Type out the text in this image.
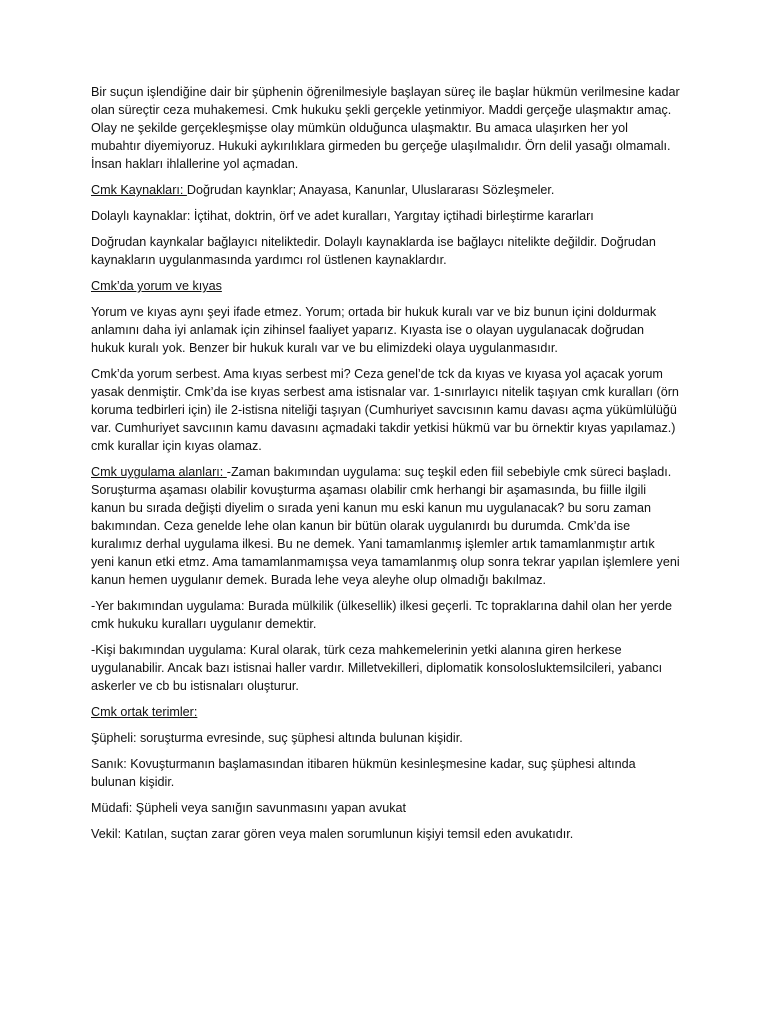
Bir suçun işlendiğine dair bir şüphenin öğrenilmesiyle başlayan süreç ile başlar hükmün verilmesine kadar olan süreçtir ceza muhakemesi. Cmk hukuku şekli gerçekle yetinmiyor. Maddi gerçeğe ulaşmaktır amaç. Olay ne şekilde gerçekleşmişse olay mümkün olduğunca ulaşmaktır. Bu amaca ulaşırken her yol mubahtır diyemiyoruz. Hukuki aykırılıklara girmeden bu gerçeğe ulaşılmalıdır. Örn delil yasağı olmamalı. İnsan hakları ihlallerine yol açmadan.

Cmk Kaynakları: Doğrudan kaynklar; Anayasa, Kanunlar, Uluslararası Sözleşmeler.

Dolaylı kaynaklar: İçtihat, doktrin, örf ve adet kuralları, Yargıtay içtihadi birleştirme kararları

Doğrudan kaynkalar bağlayıcı niteliktedir. Dolaylı kaynaklarda ise bağlaycı nitelikte değildir. Doğrudan kaynakların uygulanmasında yardımcı rol üstlenen kaynaklardır.

Cmk’da yorum ve kıyas

Yorum ve kıyas aynı şeyi ifade etmez. Yorum; ortada bir hukuk kuralı var ve biz bunun içini doldurmak anlamını daha iyi anlamak için zihinsel faaliyet yaparız. Kıyasta ise o olayan uygulanacak doğrudan hukuk kuralı yok. Benzer bir hukuk kuralı var ve bu elimizdeki olaya uygulanmasıdır.

Cmk’da yorum serbest. Ama kıyas serbest mi? Ceza genel’de tck da kıyas ve kıyasa yol açacak yorum yasak denmiştir. Cmk’da ise kıyas serbest ama istisnalar var. 1-sınırlayıcı nitelik taşıyan cmk kuralları (örn koruma tedbirleri için) ile 2-istisna niteliği taşıyan (Cumhuriyet savcısının kamu davası açma yükümlülüğü var. Cumhuriyet savcıının kamu davasını açmadaki takdir yetkisi hükmü var bu örnektir kıyas yapılamaz.) cmk kurallar için kıyas olamaz.

Cmk uygulama alanları: -Zaman bakımından uygulama: suç teşkil eden fiil sebebiyle cmk süreci başladı. Soruşturma aşaması olabilir kovuşturma aşaması olabilir cmk herhangi bir aşamasında, bu fiille ilgili kanun bu sırada değişti diyelim o sırada yeni kanun mu eski kanun mu uygulanacak? bu soru zaman bakımından. Ceza genelde lehe olan kanun bir bütün olarak uygulanırdı bu durumda. Cmk’da ise kuralımız derhal uygulama ilkesi. Bu ne demek. Yani tamamlanmış işlemler artık tamamlanmıştır artık yeni kanun etki etmz. Ama tamamlanmamışsa veya tamamlanmış olup sonra tekrar yapılan işlemlere yeni kanun hemen uygulanır demek. Burada lehe veya aleyhe olup olmadığı bakılmaz.

-Yer bakımından uygulama: Burada mülkilik (ülkesellik) ilkesi geçerli. Tc topraklarına dahil olan her yerde cmk hukuku kuralları uygulanır demektir.

-Kişi bakımından uygulama: Kural olarak, türk ceza mahkemelerinin yetki alanına giren herkese uygulanabilir. Ancak bazı istisnai haller vardır. Milletvekilleri, diplomatik konsolosluktemsilcileri, yabancı askerler ve cb bu istisnaları oluşturur.

Cmk ortak terimler:

Şüpheli: soruşturma evresinde, suç şüphesi altında bulunan kişidir.

Sanık: Kovuşturmanın başlamasından itibaren hükmün kesinleşmesine kadar, suç şüphesi altında bulunan kişidir.

Müdafi: Şüpheli veya sanığın savunmasını yapan avukat

Vekil: Katılan, suçtan zarar gören veya malen sorumlunun kişiyi temsil eden avukatıdır.
